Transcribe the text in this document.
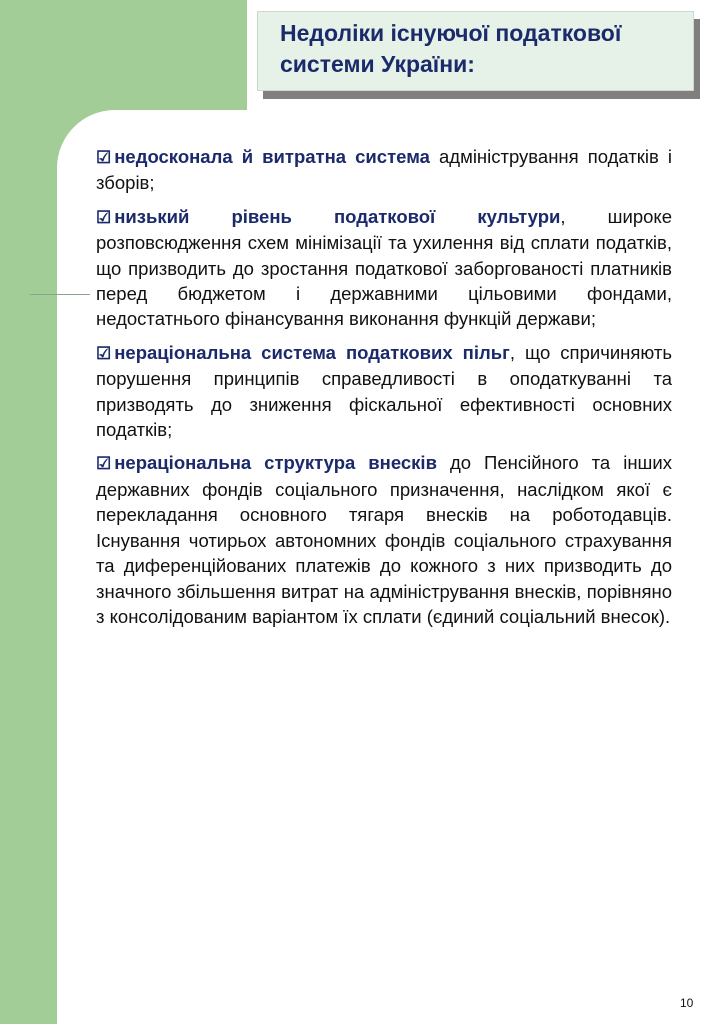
Недоліки існуючої податкової системи України:
☑ недосконала й витратна система адміністрування податків і зборів;
☑ низький рівень податкової культури, широке розповсюдження схем мінімізації та ухилення від сплати податків, що призводить до зростання податкової заборгованості платників перед бюджетом і державними цільовими фондами, недостатнього фінансування виконання функцій держави;
☑ нераціональна система податкових пільг, що спричиняють порушення принципів справедливості в оподаткуванні та призводять до зниження фіскальної ефективності основних податків;
☑ нераціональна структура внесків до Пенсійного та інших державних фондів соціального призначення, наслідком якої є перекладання основного тягаря внесків на роботодавців. Існування чотирьох автономних фондів соціального страхування та диференційованих платежів до кожного з них призводить до значного збільшення витрат на адміністрування внесків, порівняно з консолідованим варіантом їх сплати (єдиний соціальний внесок).
10
